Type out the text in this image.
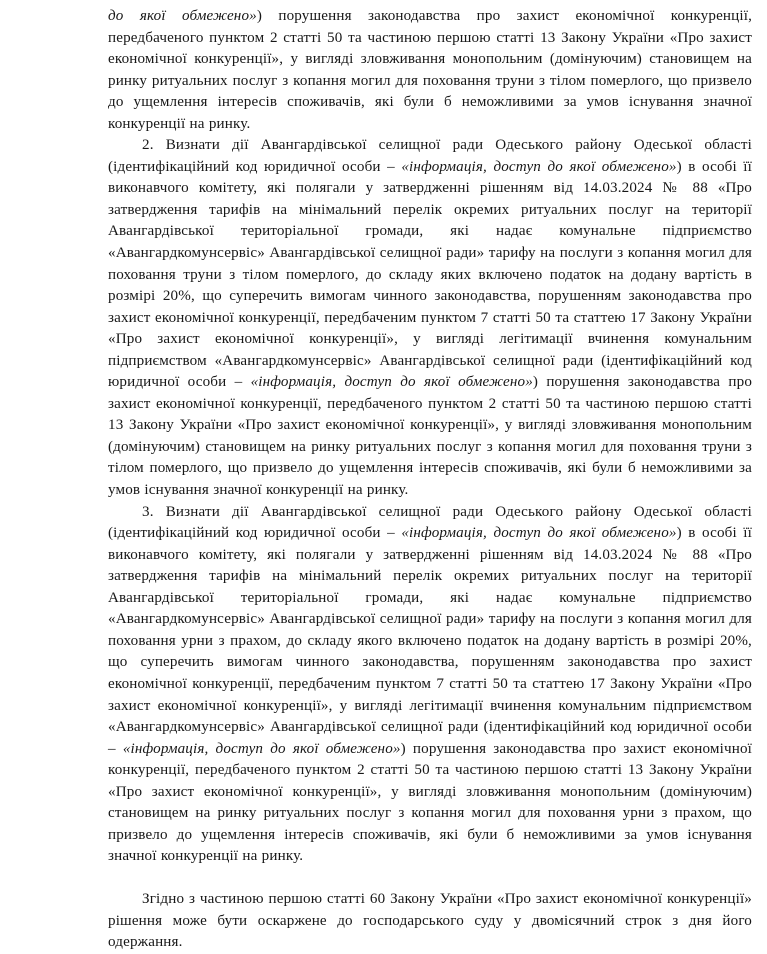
до якої обмежено») порушення законодавства про захист економічної конкуренції, передбаченого пунктом 2 статті 50 та частиною першою статті 13 Закону України «Про захист економічної конкуренції», у вигляді зловживання монопольним (домінуючим) становищем на ринку ритуальних послуг з копання могил для поховання труни з тілом померлого, що призвело до ущемлення інтересів споживачів, які були б неможливими за умов існування значної конкуренції на ринку.

2. Визнати дії Авангардівської селищної ради Одеського району Одеської області (ідентифікаційний код юридичної особи – «інформація, доступ до якої обмежено») в особі її виконавчого комітету, які полягали у затвердженні рішенням від 14.03.2024 № 88 «Про затвердження тарифів на мінімальний перелік окремих ритуальних послуг на території Авангардівської територіальної громади, які надає комунальне підприємство «Авангардкомунсервіс» Авангардівської селищної ради» тарифу на послуги з копання могил для поховання труни з тілом померлого, до складу яких включено податок на додану вартість в розмірі 20%, що суперечить вимогам чинного законодавства, порушенням законодавства про захист економічної конкуренції, передбаченим пунктом 7 статті 50 та статтею 17 Закону України «Про захист економічної конкуренції», у вигляді легітимації вчинення комунальним підприємством «Авангардкомунсервіс» Авангардівської селищної ради (ідентифікаційний код юридичної особи – «інформація, доступ до якої обмежено») порушення законодавства про захист економічної конкуренції, передбаченого пунктом 2 статті 50 та частиною першою статті 13 Закону України «Про захист економічної конкуренції», у вигляді зловживання монопольним (домінуючим) становищем на ринку ритуальних послуг з копання могил для поховання труни з тілом померлого, що призвело до ущемлення інтересів споживачів, які були б неможливими за умов існування значної конкуренції на ринку.

3. Визнати дії Авангардівської селищної ради Одеського району Одеської області (ідентифікаційний код юридичної особи – «інформація, доступ до якої обмежено») в особі її виконавчого комітету, які полягали у затвердженні рішенням від 14.03.2024 № 88 «Про затвердження тарифів на мінімальний перелік окремих ритуальних послуг на території Авангардівської територіальної громади, які надає комунальне підприємство «Авангардкомунсервіс» Авангардівської селищної ради» тарифу на послуги з копання могил для поховання урни з прахом, до складу якого включено податок на додану вартість в розмірі 20%, що суперечить вимогам чинного законодавства, порушенням законодавства про захист економічної конкуренції, передбаченим пунктом 7 статті 50 та статтею 17 Закону України «Про захист економічної конкуренції», у вигляді легітимації вчинення комунальним підприємством «Авангардкомунсервіс» Авангардівської селищної ради (ідентифікаційний код юридичної особи – «інформація, доступ до якої обмежено») порушення законодавства про захист економічної конкуренції, передбаченого пунктом 2 статті 50 та частиною першою статті 13 Закону України «Про захист економічної конкуренції», у вигляді зловживання монопольним (домінуючим) становищем на ринку ритуальних послуг з копання могил для поховання урни з прахом, що призвело до ущемлення інтересів споживачів, які були б неможливими за умов існування значної конкуренції на ринку.

Згідно з частиною першою статті 60 Закону України «Про захист економічної конкуренції» рішення може бути оскаржене до господарського суду у двомісячний строк з дня його одержання.
